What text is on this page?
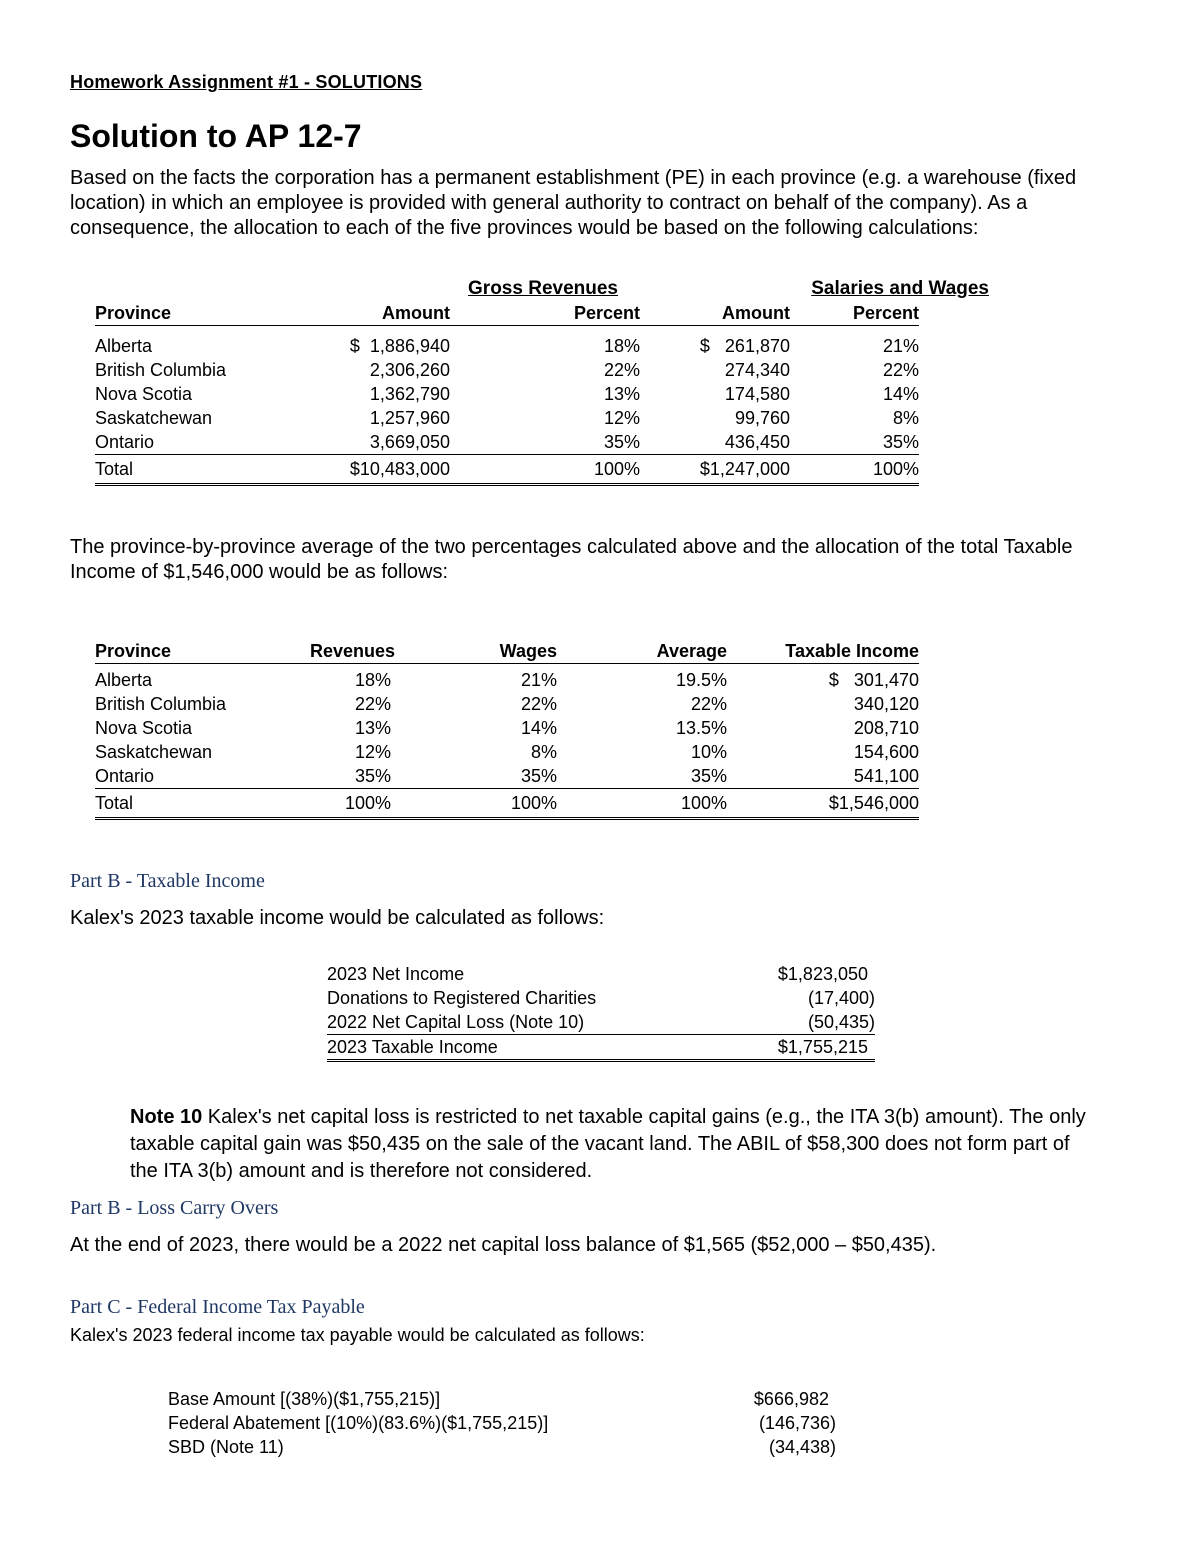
Homework Assignment #1 - SOLUTIONS
Solution to AP 12-7
Based on the facts the corporation has a permanent establishment (PE) in each province (e.g. a warehouse (fixed location) in which an employee is provided with general authority to contract on behalf of the company). As a consequence, the allocation to each of the five provinces would be based on the following calculations:
	Gross Revenues		Salaries and Wages	
Province	Amount	Percent	Amount	Percent

Alberta	$  1,886,940	18%	$   261,870	21%
British Columbia	2,306,260	22%	274,340	22%
Nova Scotia	1,362,790	13%	174,580	14%
Saskatchewan	1,257,960	12%	99,760	8%
Ontario	3,669,050	35%	436,450	35%
Total	$10,483,000	100%	$1,247,000	100%
The province-by-province average of the two percentages calculated above and the allocation of the total Taxable Income of $1,546,000 would be as follows:
Province	Revenues	Wages	Average	Taxable Income

Alberta	18%	21%	19.5%	$   301,470
British Columbia	22%	22%	22%	340,120
Nova Scotia	13%	14%	13.5%	208,710
Saskatchewan	12%	8%	10%	154,600
Ontario	35%	35%	35%	541,100
Total	100%	100%	100%	$1,546,000
Part B - Taxable Income
Kalex's 2023 taxable income would be calculated as follows:
2023 Net Income	$1,823,050
Donations to Registered Charities	(17,400)
2022 Net Capital Loss (Note 10)	(50,435)
2023 Taxable Income	$1,755,215
Note 10 Kalex's net capital loss is restricted to net taxable capital gains (e.g., the ITA 3(b) amount). The only taxable capital gain was $50,435 on the sale of the vacant land. The ABIL of $58,300 does not form part of the ITA 3(b) amount and is therefore not considered.
Part B - Loss Carry Overs
At the end of 2023, there would be a 2022 net capital loss balance of $1,565 ($52,000 – $50,435).
Part C - Federal Income Tax Payable
Kalex's 2023 federal income tax payable would be calculated as follows:
Base Amount [(38%)($1,755,215)]	$666,982
Federal Abatement [(10%)(83.6%)($1,755,215)]	(146,736)
SBD (Note 11)	(34,438)
